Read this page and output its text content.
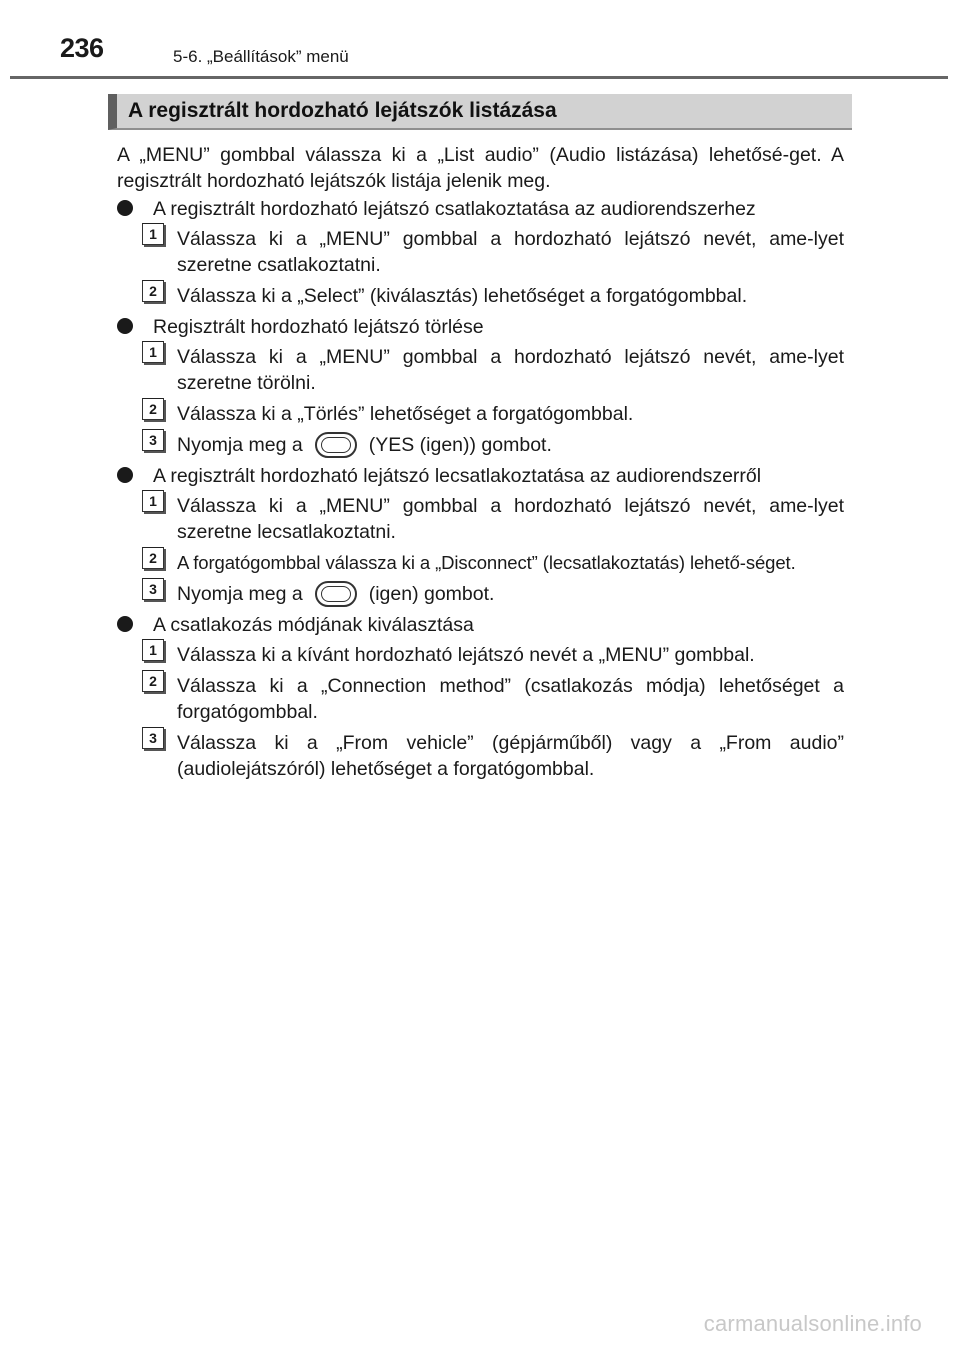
236	5-6. „Beállítások” menü
A regisztrált hordozható lejátszók listázása

A „MENU” gombbal válassza ki a „List audio” (Audio listázása) lehetősé-get. A regisztrált hordozható lejátszók listája jelenik meg.

A regisztrált hordozható lejátszó csatlakoztatása az audiorendszerhez
1	Válassza ki a „MENU” gombbal a hordozható lejátszó nevét, ame-lyet szeretne csatlakoztatni.
2	Válassza ki a „Select” (kiválasztás) lehetőséget a forgatógombbal.
Regisztrált hordozható lejátszó törlése
1	Válassza ki a „MENU” gombbal a hordozható lejátszó nevét, ame-lyet szeretne törölni.
2	Válassza ki a „Törlés” lehetőséget a forgatógombbal.
3	Nyomja meg a	(YES (igen)) gombot.
A regisztrált hordozható lejátszó lecsatlakoztatása az audiorendszerről
1	Válassza ki a „MENU” gombbal a hordozható lejátszó nevét, ame-lyet szeretne lecsatlakoztatni.
2	A forgatógombbal válassza ki a „Disconnect” (lecsatlakoztatás) lehető-séget.
3	Nyomja meg a	(igen) gombot.
A csatlakozás módjának kiválasztása
1	Válassza ki a kívánt hordozható lejátszó nevét a „MENU” gombbal.
2	Válassza ki a „Connection method” (csatlakozás módja) lehetőséget a forgatógombbal.
3	Válassza ki a „From vehicle” (gépjárműből) vagy a „From audio” (audiolejátszóról) lehetőséget a forgatógombbal.
carmanualsonline.info
